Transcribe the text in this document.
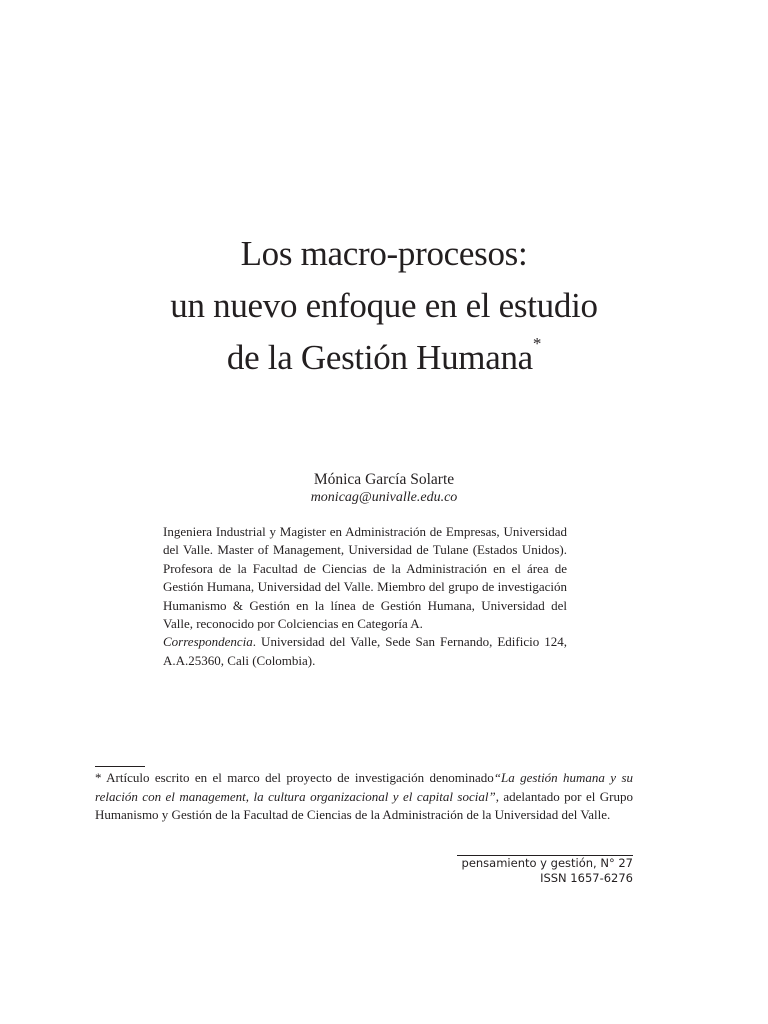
Los macro-procesos:
un nuevo enfoque en el estudio
de la Gestión Humana*
Mónica García Solarte
monicag@univalle.edu.co

Ingeniera Industrial y Magister en Administración de Empresas, Universidad del Valle. Master of Management, Universidad de Tulane (Estados Unidos). Profesora de la Facultad de Ciencias de la Administración en el área de Gestión Humana, Universidad del Valle. Miembro del grupo de investigación Humanismo & Gestión en la línea de Gestión Humana, Universidad del Valle, reconocido por Colciencias en Categoría A.

Correspondencia. Universidad del Valle, Sede San Fernando, Edificio 124, A.A.25360, Cali (Colombia).

* Artículo escrito en el marco del proyecto de investigación denominado“La gestión humana y su relación con el management, la cultura organizacional y el capital social”, adelantado por el Grupo Humanismo y Gestión de la Facultad de Ciencias de la Administración de la Universidad del Valle.
pensamiento y gestión, N° 27
ISSN 1657-6276
